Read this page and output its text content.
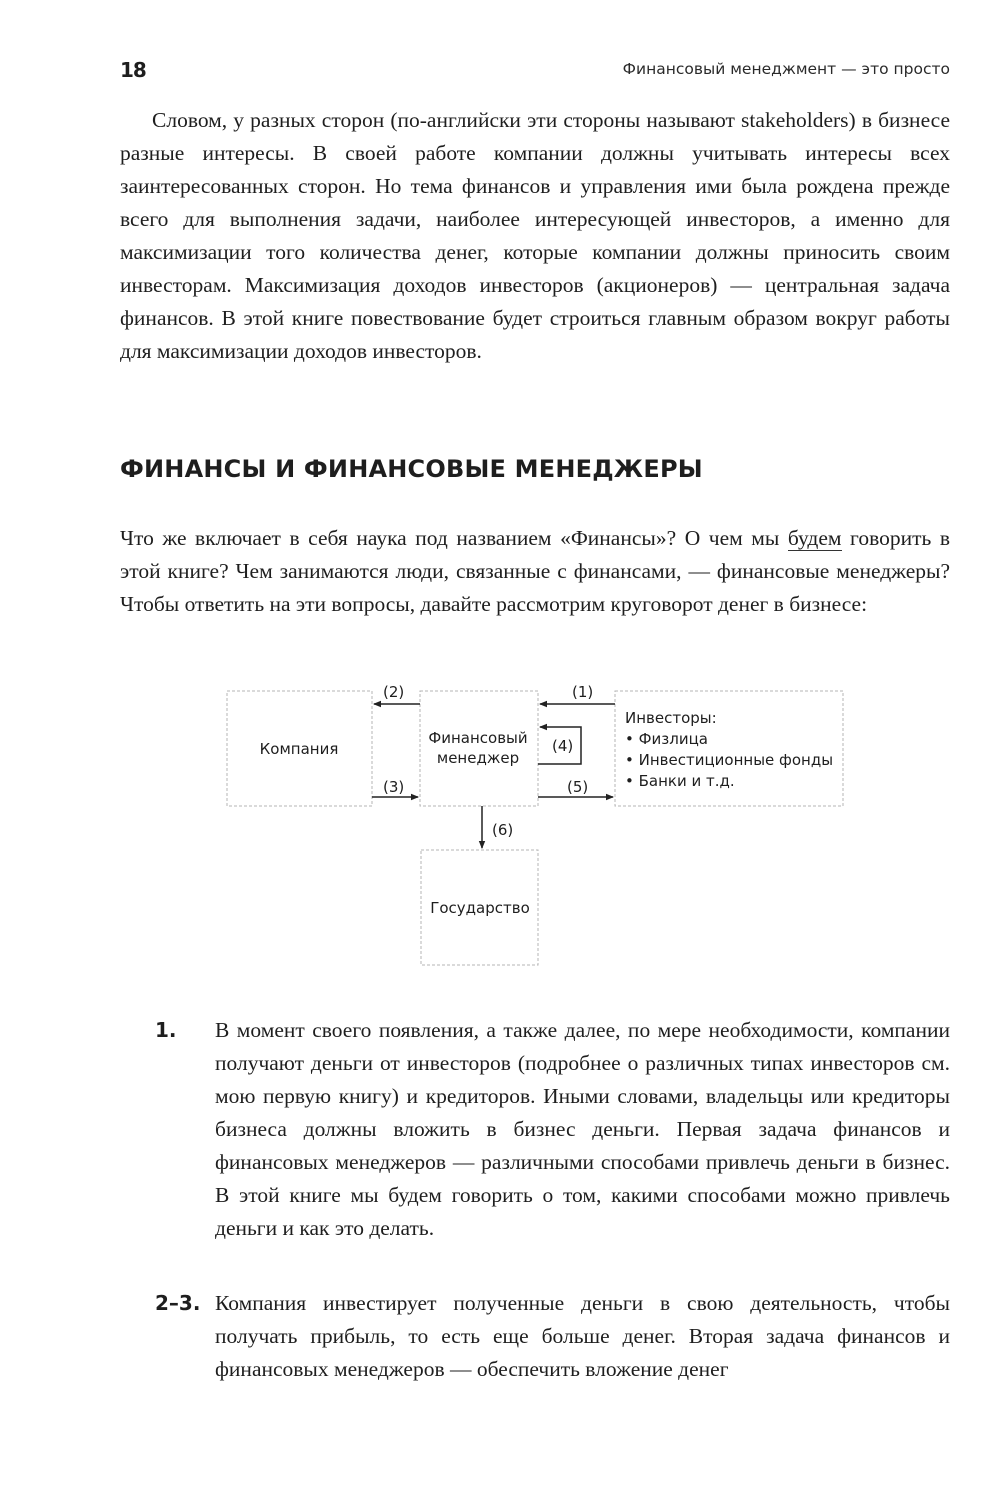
18	Финансовый менеджмент — это просто

Словом, у разных сторон (по-английски эти стороны называют stakeholders) в бизнесе разные интересы. В своей работе компании должны учитывать интересы всех заинтересованных сторон. Но тема финансов и управления ими была рождена прежде всего для выполнения задачи, наиболее интересующей инвесторов, а именно для максимизации того количества денег, которые компании должны приносить своим инвесторам. Максимизация доходов инвесторов (акционеров) — центральная задача финансов. В этой книге повествование будет строиться главным образом вокруг работы для максимизации доходов инвесторов.

ФИНАНСЫ И ФИНАНСОВЫЕ МЕНЕДЖЕРЫ

Что же включает в себя наука под названием «Финансы»? О чем мы будем говорить в этой книге? Чем занимаются люди, связанные с финансами, — финансовые менеджеры? Чтобы ответить на эти вопросы, давайте рассмотрим круговорот денег в бизнесе:

(2)	(1)
(4)
(3)	(5)
(6)
Компания
Финансовый
менеджер
Инвесторы:
• Физлица
• Инвестиционные фонды
• Банки и т.д.
Государство
1. В момент своего появления, а также далее, по мере необходимости, компании получают деньги от инвесторов (подробнее о различных типах инвесторов см. мою первую книгу) и кредиторов. Иными словами, владельцы или кредиторы бизнеса должны вложить в бизнес деньги. Первая задача финансов и финансовых менеджеров — различными способами привлечь деньги в бизнес. В этой книге мы будем говорить о том, какими способами можно привлечь деньги и как это делать.

2–3. Компания инвестирует полученные деньги в свою деятельность, чтобы получать прибыль, то есть еще больше денег. Вторая задача финансов и финансовых менеджеров — обеспечить вложение денег
